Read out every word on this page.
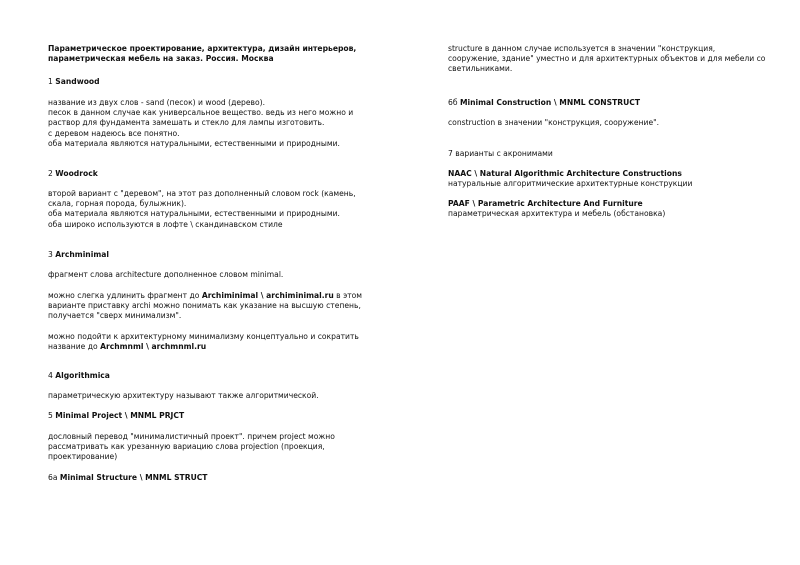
Параметрическое проектирование, архитектура, дизайн интерьеров,
параметрическая мебель на заказ. Россия. Москва

1 Sandwood

название из двух слов - sand (песок) и wood (дерево).
песок в данном случае как универсальное вещество. ведь из него можно и
раствор для фундамента замешать и стекло для лампы изготовить.
с деревом надеюсь все понятно.
оба материала являются натуральными, естественными и природными.

2 Woodrock

второй вариант с "деревом", на этот раз дополненный словом rock (камень,
скала, горная порода, булыжник).
оба материала являются натуральными, естественными и природными.
оба широко используются в лофте \ скандинавском стиле

3 Archminimal

фрагмент слова architecture дополненное словом minimal.

можно слегка удлинить фрагмент до Archiminimal \ archiminimal.ru в этом
варианте приставку archi можно понимать как указание на высшую степень,
получается "сверх минимализм".

можно подойти к архитектурному минимализму концептуально и сократить
название до Archmnml \ archmnml.ru

4 Algorithmica

параметрическую архитектуру называют также алгоритмической.

5 Minimal Project \ MNML PRJCT

дословный перевод "минималистичный проект". причем project можно
рассматривать как урезанную вариацию слова projection (проекция,
проектирование)

6а Minimal Structure \ MNML STRUCT

structure в данном случае используется в значении "конструкция,
сооружение, здание" уместно и для архитектурных объектов и для мебели со
светильниками.

6б Minimal Construction \ MNML CONSTRUCT

construction в значении "конструкция, сооружение".

7 варианты с акронимами

NAAC \ Natural Algorithmic Architecture Constructions
натуральные алгоритмические архитектурные конструкции

PAAF \ Parametric Architecture And Furniture
параметрическая архитектура и мебель (обстановка)
